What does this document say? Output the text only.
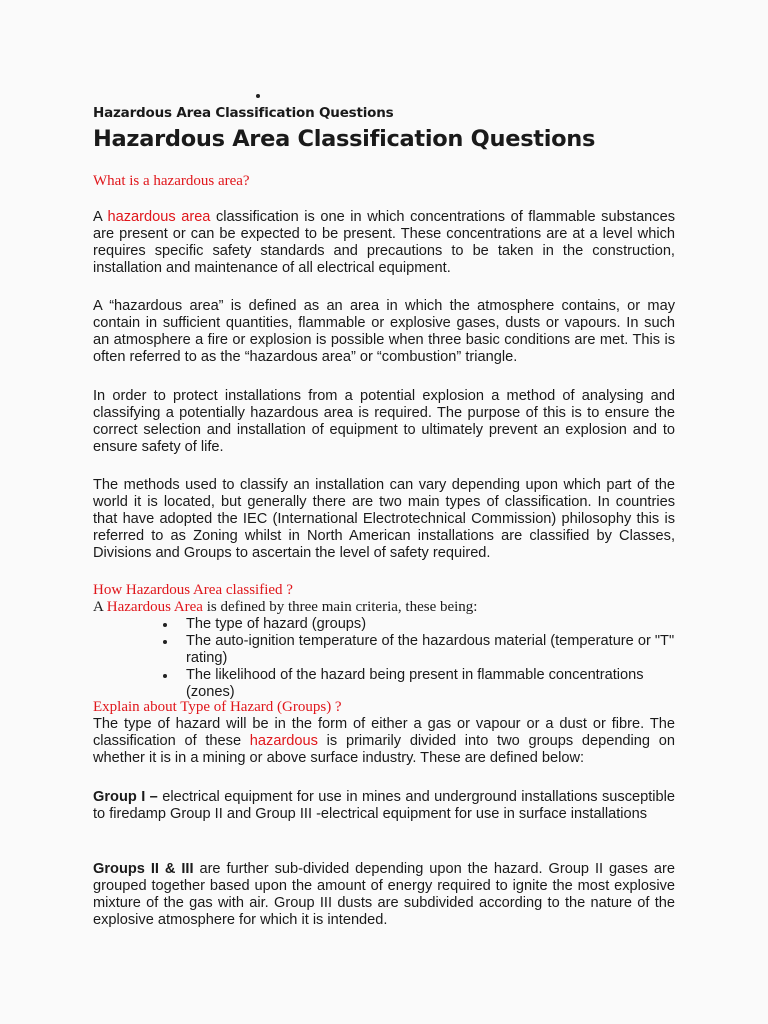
Hazardous Area Classification Questions
Hazardous Area Classification Questions
What is a hazardous area?
A hazardous area classification is one in which concentrations of flammable substances are present or can be expected to be present. These concentrations are at a level which requires specific safety standards and precautions to be taken in the construction, installation and maintenance of all electrical equipment.
A “hazardous area” is defined as an area in which the atmosphere contains, or may contain in sufficient quantities, flammable or explosive gases, dusts or vapours. In such an atmosphere a fire or explosion is possible when three basic conditions are met. This is often referred to as the “hazardous area” or “combustion” triangle.
In order to protect installations from a potential explosion a method of analysing and classifying a potentially hazardous area is required. The purpose of this is to ensure the correct selection and installation of equipment to ultimately prevent an explosion and to ensure safety of life.
The methods used to classify an installation can vary depending upon which part of the world it is located, but generally there are two main types of classification. In countries that have adopted the IEC (International Electrotechnical Commission) philosophy this is referred to as Zoning whilst in North American installations are classified by Classes, Divisions and Groups to ascertain the level of safety required.
How Hazardous Area classified ?
A Hazardous Area is defined by three main criteria, these being:
The type of hazard (groups)
The auto-ignition temperature of the hazardous material (temperature or "T" rating)
The likelihood of the hazard being present in flammable concentrations (zones)
Explain about Type of Hazard (Groups) ?
The type of hazard will be in the form of either a gas or vapour or a dust or fibre. The classification of these hazardous is primarily divided into two groups depending on whether it is in a mining or above surface industry. These are defined below:
Group I – electrical equipment for use in mines and underground installations susceptible to firedamp Group II and Group III -electrical equipment for use in surface installations
Groups II & III are further sub-divided depending upon the hazard. Group II gases are grouped together based upon the amount of energy required to ignite the most explosive mixture of the gas with air. Group III dusts are subdivided according to the nature of the explosive atmosphere for which it is intended.
